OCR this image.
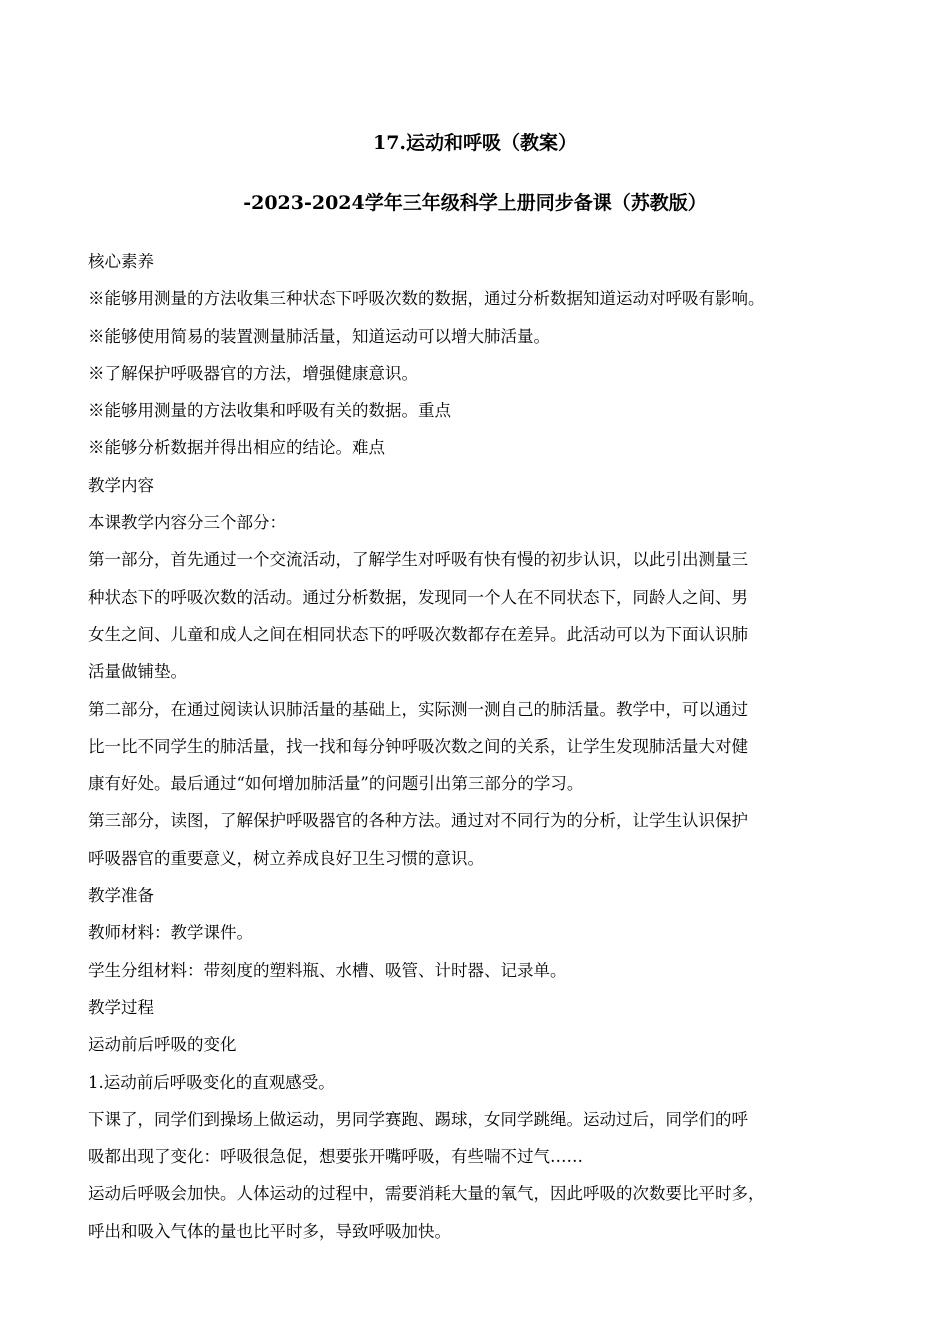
17.运动和呼吸（教案）
-2023-2024学年三年级科学上册同步备课（苏教版）
核心素养
※能够用测量的方法收集三种状态下呼吸次数的数据，通过分析数据知道运动对呼吸有影响。
※能够使用简易的装置测量肺活量，知道运动可以增大肺活量。
※了解保护呼吸器官的方法，增强健康意识。
※能够用测量的方法收集和呼吸有关的数据。重点
※能够分析数据并得出相应的结论。难点
教学内容
本课教学内容分三个部分：
第一部分，首先通过一个交流活动，了解学生对呼吸有快有慢的初步认识，以此引出测量三
种状态下的呼吸次数的活动。通过分析数据，发现同一个人在不同状态下，同龄人之间、男
女生之间、儿童和成人之间在相同状态下的呼吸次数都存在差异。此活动可以为下面认识肺
活量做铺垫。
第二部分，在通过阅读认识肺活量的基础上，实际测一测自己的肺活量。教学中，可以通过
比一比不同学生的肺活量，找一找和每分钟呼吸次数之间的关系，让学生发现肺活量大对健
康有好处。最后通过“如何增加肺活量”的问题引出第三部分的学习。
第三部分，读图，了解保护呼吸器官的各种方法。通过对不同行为的分析，让学生认识保护
呼吸器官的重要意义，树立养成良好卫生习惯的意识。
教学准备
教师材料：教学课件。
学生分组材料：带刻度的塑料瓶、水槽、吸管、计时器、记录单。
教学过程
运动前后呼吸的变化
1.运动前后呼吸变化的直观感受。
下课了，同学们到操场上做运动，男同学赛跑、踢球，女同学跳绳。运动过后，同学们的呼
吸都出现了变化：呼吸很急促，想要张开嘴呼吸，有些喘不过气……
运动后呼吸会加快。人体运动的过程中，需要消耗大量的氧气，因此呼吸的次数要比平时多，
呼出和吸入气体的量也比平时多，导致呼吸加快。
